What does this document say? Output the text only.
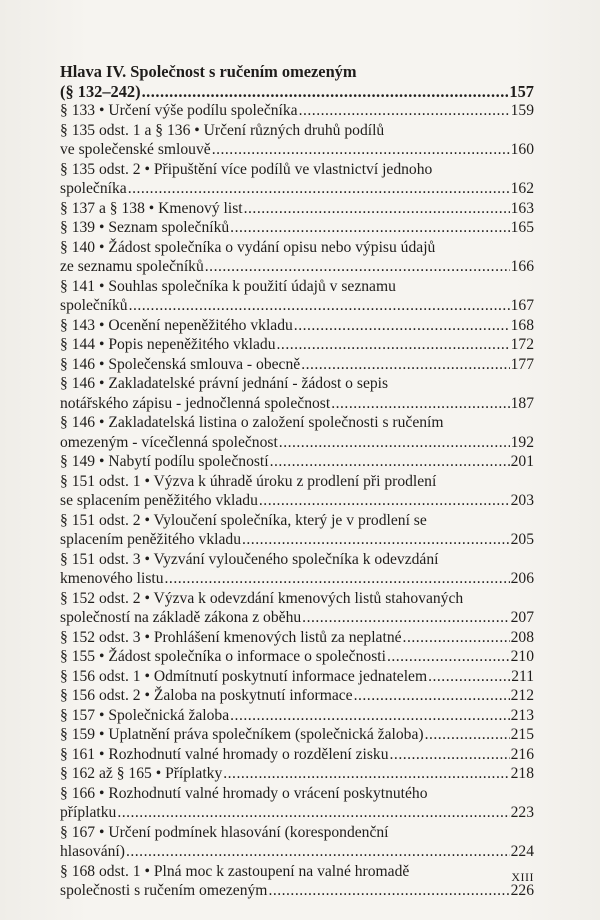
Hlava IV. Společnost s ručením omezeným
(§ 132–242) .....	157
§ 133 • Určení výše podílu společníka .....	159
§ 135 odst. 1 a § 136 • Určení různých druhů podílů
ve společenské smlouvě .....	160
§ 135 odst. 2 • Připuštění více podílů ve vlastnictví jednoho
společníka .....	162
§ 137 a § 138 • Kmenový list .....	163
§ 139 • Seznam společníků .....	165
§ 140 • Žádost společníka o vydání opisu nebo výpisu údajů
ze seznamu společníků .....	166
§ 141 • Souhlas společníka k použití údajů v seznamu
společníků .....	167
§ 143 • Ocenění nepeněžitého vkladu .....	168
§ 144 • Popis nepeněžitého vkladu .....	172
§ 146 • Společenská smlouva - obecně .....	177
§ 146 • Zakladatelské právní jednání - žádost o sepis
notářského zápisu - jednočlenná společnost .....	187
§ 146 • Zakladatelská listina o založení společnosti s ručením
omezeným - vícečlenná společnost .....	192
§ 149 • Nabytí podílu společností .....	201
§ 151 odst. 1 • Výzva k úhradě úroku z prodlení při prodlení
se splacením peněžitého vkladu .....	203
§ 151 odst. 2 • Vyloučení společníka, který je v prodlení se
splacením peněžitého vkladu .....	205
§ 151 odst. 3 • Vyzvání vyloučeného společníka k odevzdání
kmenového listu .....	206
§ 152 odst. 2 • Výzva k odevzdání kmenových listů stahovaných
společností na základě zákona z oběhu .....	207
§ 152 odst. 3 • Prohlášení kmenových listů za neplatné .....	208
§ 155 • Žádost společníka o informace o společnosti .....	210
§ 156 odst. 1 • Odmítnutí poskytnutí informace jednatelem .....	211
§ 156 odst. 2 • Žaloba na poskytnutí informace .....	212
§ 157 • Společnická žaloba .....	213
§ 159 • Uplatnění práva společníkem (společnická žaloba) .....	215
§ 161 • Rozhodnutí valné hromady o rozdělení zisku .....	216
§ 162 až § 165 • Příplatky .....	218
§ 166 • Rozhodnutí valné hromady o vrácení poskytnutého
příplatku .....	223
§ 167 • Určení podmínek hlasování (korespondenční
hlasování) .....	224
§ 168 odst. 1 • Plná moc k zastoupení na valné hromadě
společnosti s ručením omezeným .....	226
XIII
